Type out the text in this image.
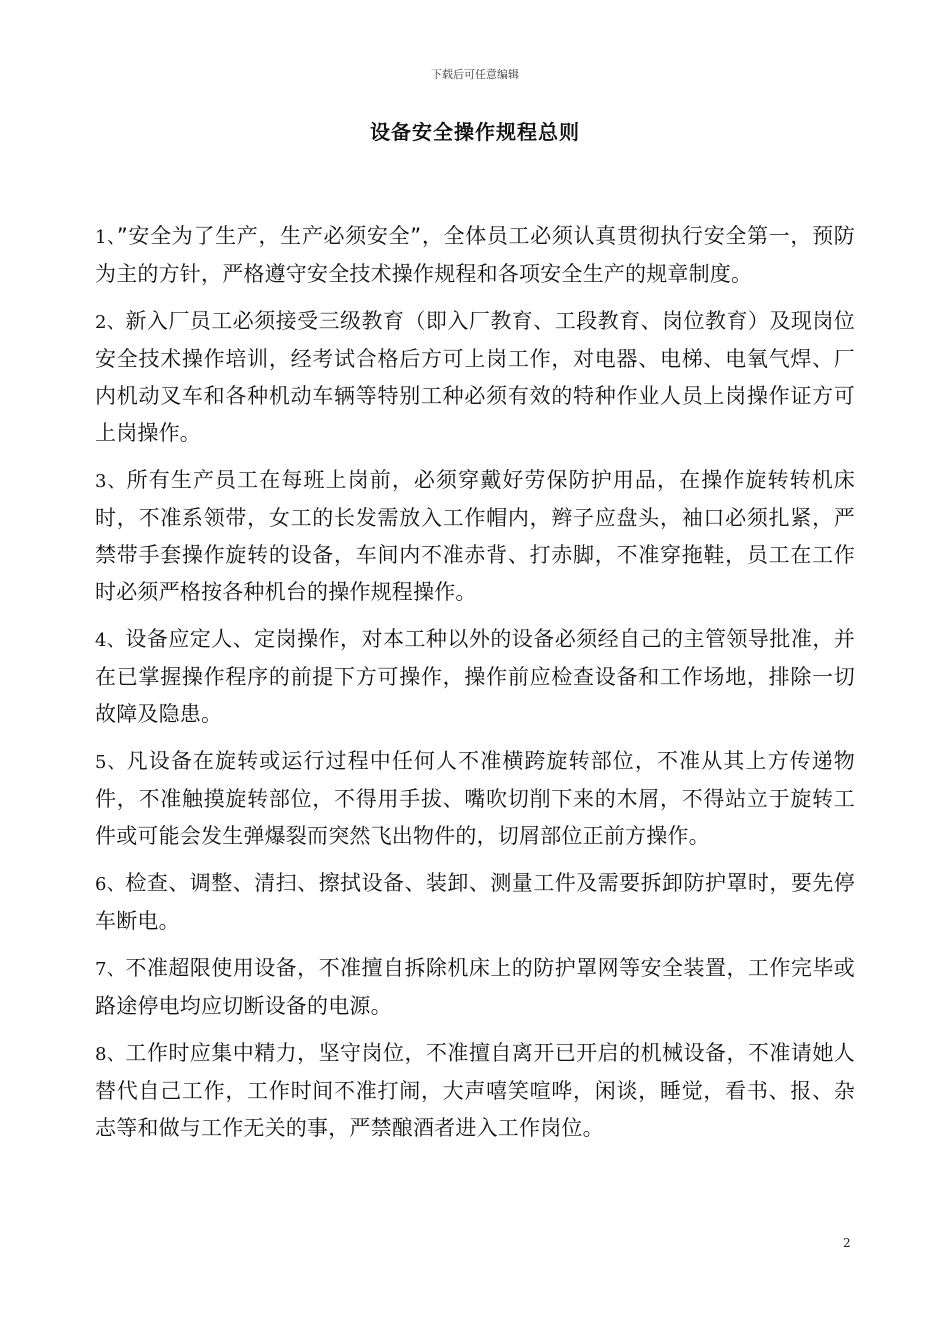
下载后可任意编辑
设备安全操作规程总则

1、”安全为了生产，生产必须安全”，全体员工必须认真贯彻执行安全第一，预防为主的方针，严格遵守安全技术操作规程和各项安全生产的规章制度。

2、新入厂员工必须接受三级教育（即入厂教育、工段教育、岗位教育）及现岗位安全技术操作培训，经考试合格后方可上岗工作，对电器、电梯、电氧气焊、厂内机动叉车和各种机动车辆等特别工种必须有效的特种作业人员上岗操作证方可上岗操作。

3、所有生产员工在每班上岗前，必须穿戴好劳保防护用品，在操作旋转转机床时，不准系领带，女工的长发需放入工作帽内，辫子应盘头，袖口必须扎紧，严禁带手套操作旋转的设备，车间内不准赤背、打赤脚，不准穿拖鞋，员工在工作时必须严格按各种机台的操作规程操作。

4、设备应定人、定岗操作，对本工种以外的设备必须经自己的主管领导批准，并在已掌握操作程序的前提下方可操作，操作前应检查设备和工作场地，排除一切故障及隐患。

5、凡设备在旋转或运行过程中任何人不准横跨旋转部位，不准从其上方传递物件，不准触摸旋转部位，不得用手拔、嘴吹切削下来的木屑，不得站立于旋转工件或可能会发生弹爆裂而突然飞出物件的，切屑部位正前方操作。

6、检查、调整、清扫、擦拭设备、装卸、测量工件及需要拆卸防护罩时，要先停车断电。

7、不准超限使用设备，不准擅自拆除机床上的防护罩网等安全装置，工作完毕或路途停电均应切断设备的电源。

8、工作时应集中精力，坚守岗位，不准擅自离开已开启的机械设备，不准请她人替代自己工作，工作时间不准打闹，大声嘻笑喧哗，闲谈，睡觉，看书、报、杂志等和做与工作无关的事，严禁酿酒者进入工作岗位。

2
